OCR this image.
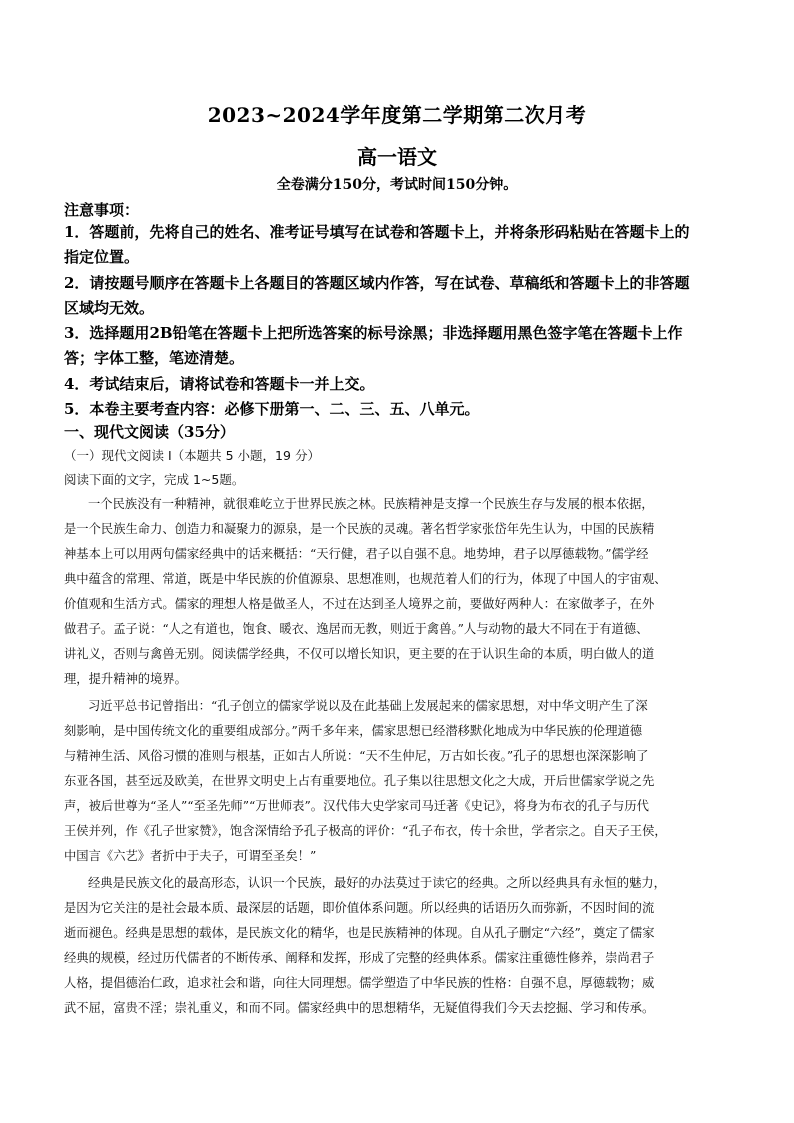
2023~2024学年度第二学期第二次月考
高一语文
全卷满分150分，考试时间150分钟。
注意事项：
1．答题前，先将自己的姓名、准考证号填写在试卷和答题卡上，并将条形码粘贴在答题卡上的
指定位置。
2．请按题号顺序在答题卡上各题目的答题区域内作答，写在试卷、草稿纸和答题卡上的非答题
区域均无效。
3．选择题用2B铅笔在答题卡上把所选答案的标号涂黑；非选择题用黑色签字笔在答题卡上作
答；字体工整，笔迹清楚。
4．考试结束后，请将试卷和答题卡一并上交。
5．本卷主要考查内容：必修下册第一、二、三、五、八单元。
一、现代文阅读（35分）
（一）现代文阅读 I（本题共 5 小题，19 分）
阅读下面的文字，完成 1~5题。
一个民族没有一种精神，就很难屹立于世界民族之林。民族精神是支撑一个民族生存与发展的根本依据，
是一个民族生命力、创造力和凝聚力的源泉，是一个民族的灵魂。著名哲学家张岱年先生认为，中国的民族精
神基本上可以用两句儒家经典中的话来概括：“天行健，君子以自强不息。地势坤，君子以厚德载物。”儒学经
典中蕴含的常理、常道，既是中华民族的价值源泉、思想准则，也规范着人们的行为，体现了中国人的宇宙观、
价值观和生活方式。儒家的理想人格是做圣人，不过在达到圣人境界之前，要做好两种人：在家做孝子，在外
做君子。孟子说：“人之有道也，饱食、暖衣、逸居而无教，则近于禽兽。”人与动物的最大不同在于有道德、
讲礼义，否则与禽兽无别。阅读儒学经典，不仅可以增长知识，更主要的在于认识生命的本质，明白做人的道
理，提升精神的境界。
习近平总书记曾指出：“孔子创立的儒家学说以及在此基础上发展起来的儒家思想，对中华文明产生了深
刻影响，是中国传统文化的重要组成部分。”两千多年来，儒家思想已经潜移默化地成为中华民族的伦理道德
与精神生活、风俗习惯的准则与根基，正如古人所说：“天不生仲尼，万古如长夜。”孔子的思想也深深影响了
东亚各国，甚至远及欧美，在世界文明史上占有重要地位。孔子集以往思想文化之大成，开后世儒家学说之先
声，被后世尊为“圣人”“至圣先师”“万世师表”。汉代伟大史学家司马迁著《史记》，将身为布衣的孔子与历代
王侯并列，作《孔子世家赞》，饱含深情给予孔子极高的评价：“孔子布衣，传十余世，学者宗之。自天子王侯，
中国言《六艺》者折中于夫子，可谓至圣矣！”
经典是民族文化的最高形态，认识一个民族，最好的办法莫过于读它的经典。之所以经典具有永恒的魅力，
是因为它关注的是社会最本质、最深层的话题，即价值体系问题。所以经典的话语历久而弥新，不因时间的流
逝而褪色。经典是思想的载体，是民族文化的精华，也是民族精神的体现。自从孔子删定“六经”，奠定了儒家
经典的规模，经过历代儒者的不断传承、阐释和发挥，形成了完整的经典体系。儒家注重德性修养，崇尚君子
人格，提倡德治仁政，追求社会和谐，向往大同理想。儒学塑造了中华民族的性格：自强不息，厚德载物；威
武不屈，富贵不淫；崇礼重义，和而不同。儒家经典中的思想精华，无疑值得我们今天去挖掘、学习和传承。
